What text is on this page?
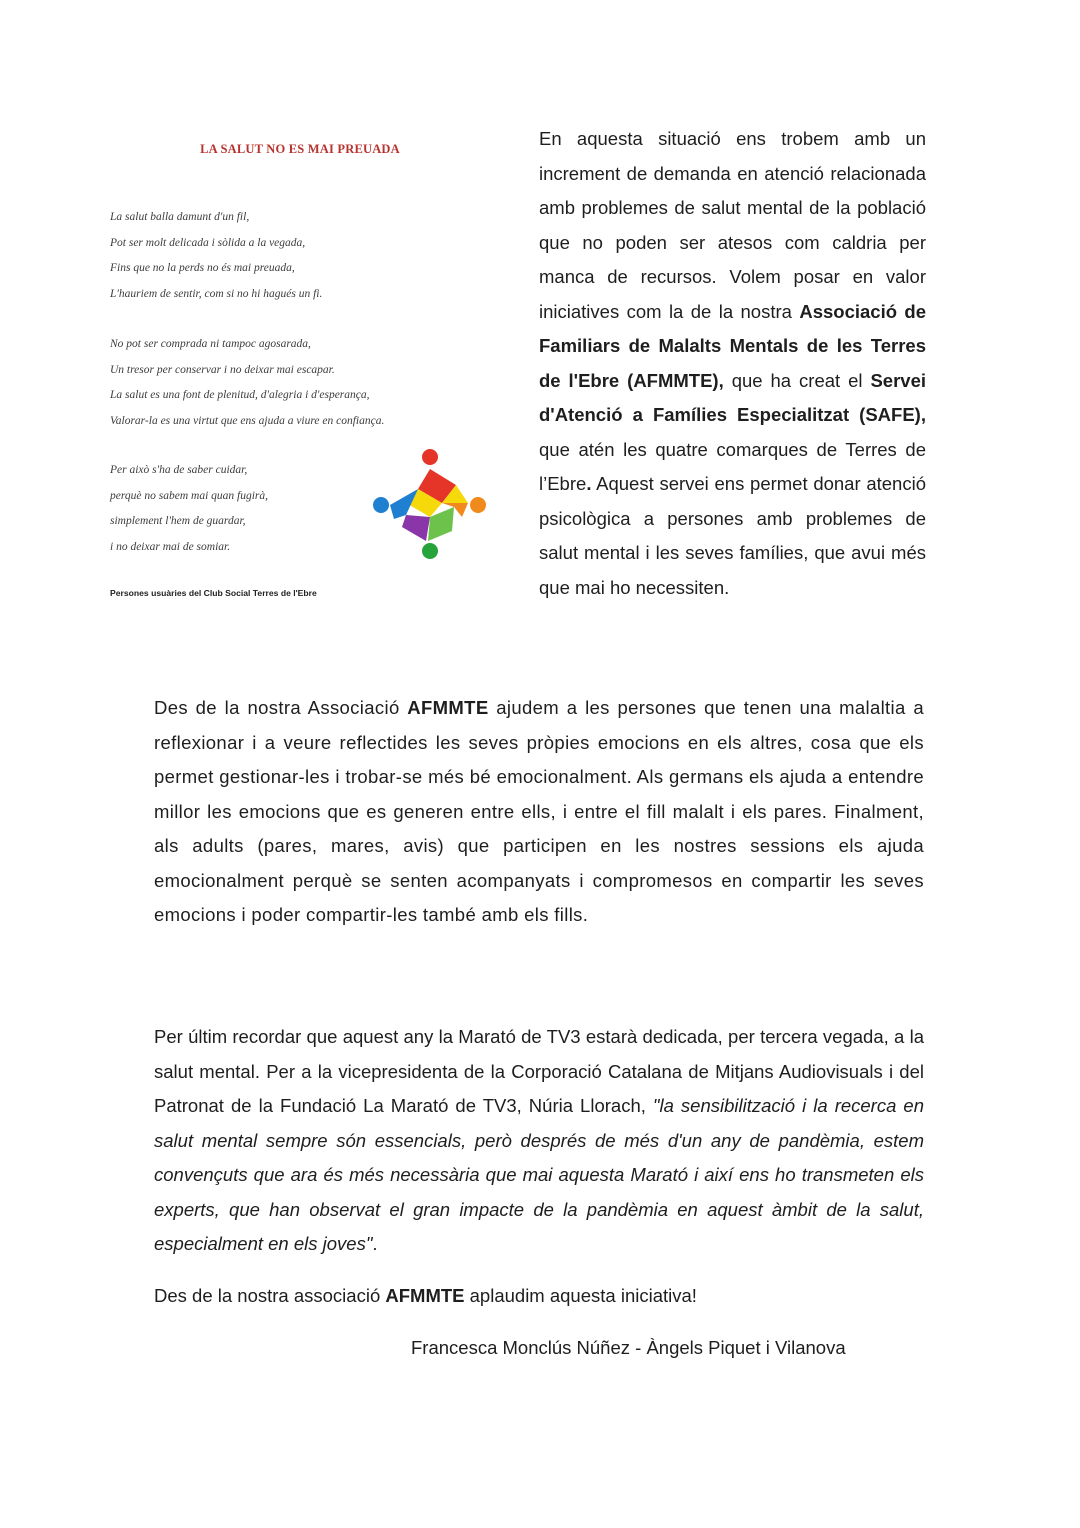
LA SALUT NO ES MAI PREUADA
La salut balla damunt d'un fil,
Pot ser molt delicada i sòlida a la vegada,
Fins que no la perds no és mai preuada,
L'hauriem de sentir, com si no hi hagués un fi.
No pot ser comprada ni tampoc agosarada,
Un tresor per conservar i no deixar mai escapar.
La salut es una font de plenitud, d'alegria i d'esperança,
Valorar-la es una virtut que ens ajuda a viure en confiança.
Per això s'ha de saber cuidar,
perquè no sabem mai quan fugirà,
simplement l'hem de guardar,
i no deixar mai de somiar.
Persones usuàries del Club Social Terres de l'Ebre
En aquesta situació ens trobem amb un increment de demanda en atenció relacionada amb problemes de salut mental de la població que no poden ser atesos com caldria per manca de recursos. Volem posar en valor iniciatives com la de la nostra Associació de Familiars de Malalts Mentals de les Terres de l'Ebre (AFMMTE), que ha creat el Servei d'Atenció a Famílies Especialitzat (SAFE), que atén les quatre comarques de Terres de l’Ebre. Aquest servei ens permet donar atenció psicològica a persones amb problemes de salut mental i les seves famílies, que avui més que mai ho necessiten.
Des de la nostra Associació AFMMTE ajudem a les persones que tenen una malaltia a reflexionar i a veure reflectides les seves pròpies emocions en els altres, cosa que els permet gestionar-les i trobar-se més bé emocionalment. Als germans els ajuda a entendre millor les emocions que es generen entre ells, i entre el fill malalt i els pares. Finalment, als adults (pares, mares, avis) que participen en les nostres sessions els ajuda emocionalment perquè se senten acompanyats i compromesos en compartir les seves emocions i poder compartir-les també amb els fills.
Per últim recordar que aquest any la Marató de TV3 estarà dedicada, per tercera vegada, a la salut mental. Per a la vicepresidenta de la Corporació Catalana de Mitjans Audiovisuals i del Patronat de la Fundació La Marató de TV3, Núria Llorach, "la sensibilització i la recerca en salut mental sempre són essencials, però després de més d'un any de pandèmia, estem convençuts que ara és més necessària que mai aquesta Marató i així ens ho transmeten els experts, que han observat el gran impacte de la pandèmia en aquest àmbit de la salut, especialment en els joves".
Des de la nostra associació AFMMTE aplaudim aquesta iniciativa!
Francesca Monclús Núñez - Àngels Piquet i Vilanova
